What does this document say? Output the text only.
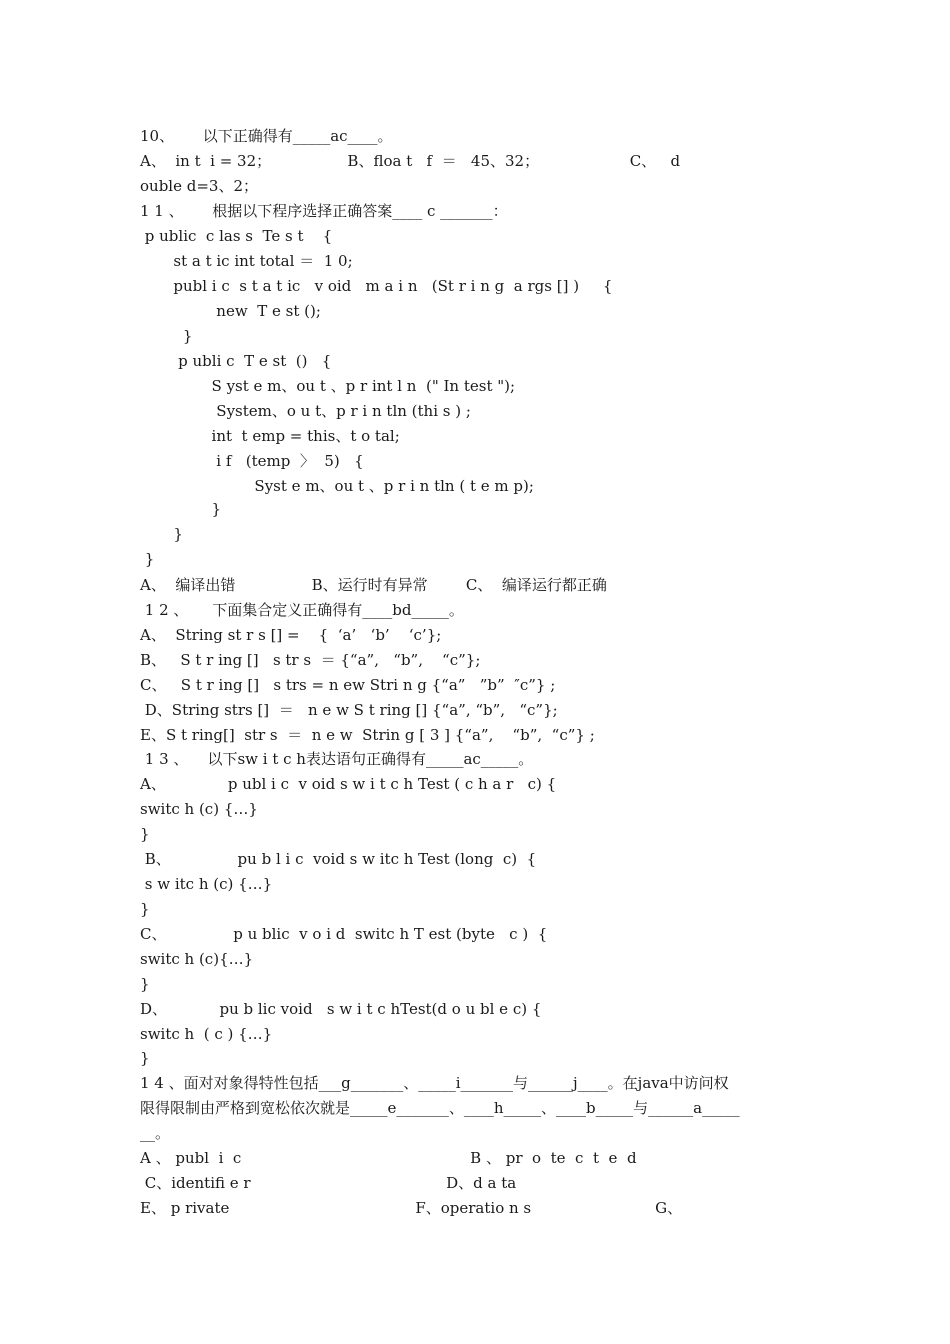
10、      以下正确得有_____ac____。
A、  in t  i = 32；                B、floa t   f  ＝   45、32；                   C、   d
ouble d=3、2；
1 1 、      根据以下程序选择正确答案____ c _______：
p ublic  c las s  Te s t    {
st a t ic int total ＝  1 0;
publ i c  s t a t ic   v oid   m a i n   (St r i n g  a rgs [] )     {
new  T e st ();
}
p ubli c  T e st  ()   {
S yst e m、ou t 、p r int l n  (" In test ");
System、o u t、p r i n tln (thi s ) ;
int  t emp = this、t o tal;
i f   (temp  〉  5)   {
Syst e m、ou t 、p r i n tln ( t e m p);
}
}
}
A、  编译出错                B、运行时有异常        C、  编译运行都正确
1 2 、     下面集合定义正确得有____bd_____。
A、  String st r s [] =    {  ‘a’   ‘b’    ‘c’};
B、   S t r ing []   s tr s  ＝ {“a”,   “b”,    “c”};
C、   S t r ing []   s trs = n ew Stri n g {“a”   ”b”  ″c”} ;
D、String strs []  ＝   n e w S t ring [] {“a”, “b”,   “c”};
E、S t ring[]  str s  ＝  n e w  Strin g [ 3 ] {“a”,    “b”,  “c”} ;
1 3 、    以下sw i t c h表达语句正确得有_____ac_____。
A、             p ubl i c  v oid s w i t c h Test ( c h a r   c) {
switc h (c) {…}
}
B、              pu b l i c  void s w itc h Test (long  c)  {
s w itc h (c) {…}
}
C、              p u blic  v o i d  switc h T est (byte   c )  {
switc h (c){…}
}
D、           pu b lic void   s w i t c hTest(d o u bl e c) {
switc h  ( c ) {…}
}
1 4 、面对对象得特性包括___g_______、_____i_______与______j____。在java中访问权
限得限制由严格到宽松依次就是_____e_______、____h_____、____b_____与______a_____
__。
A 、 publ  i  c                                                B 、 pr  o  te  c  t  e  d
C、identifi e r                                         D、d a ta
E、 p rivate                                       F、operatio n s                          G、
